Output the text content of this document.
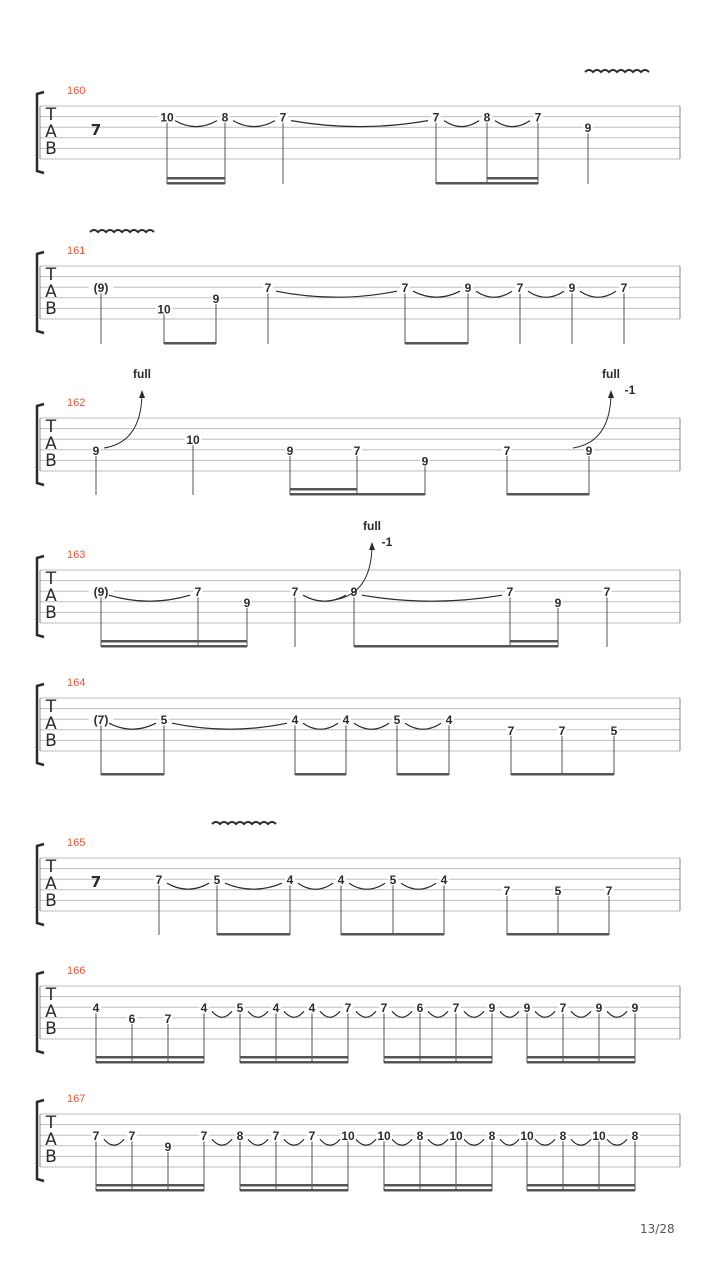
T
A
B
160
7
10	8	7	7	8	7
9
T
A
B
161
(9)
10
9
7	7	9	7	9	7
T
A
B
162
9
10
9	7
9
7	9
full	full
-1
T
A
B
163
(9)	7
9
7	9	7
9
7
full
-1
T
A
B
164
(7)	5	4	4	5	4
7	7	5
T
A
B
165
7	7	5	4	4	5	4
7	5	7
T
A
B
166
4
6 7
4 5 4 4 7 7 6 7 9 9 7 9 9
T
A
B
167
7 7
9
7 8 7 7 10 10 8 10 8 10 8 10 8
13/28
